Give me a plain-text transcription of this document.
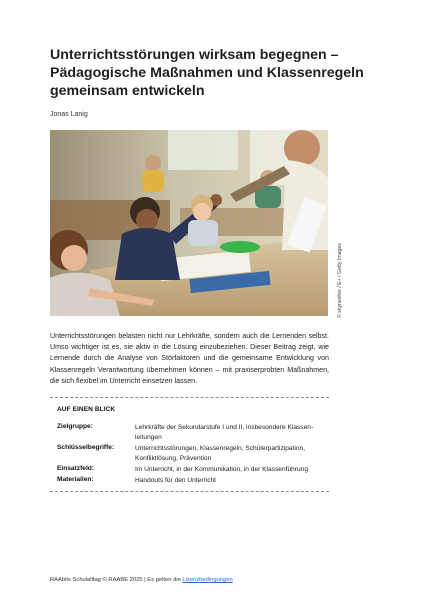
Unterrichtsstörungen wirksam begegnen – Pädagogische Maßnahmen und Klassenregeln gemeinsam entwickeln
Jonas Lanig
© skynesher / E+ / Getty Images

Unterrichtsstörungen belasten nicht nur Lehrkräfte, sondern auch die Lernenden selbst. Umso wichtiger ist es, sie aktiv in die Lösung einzubeziehen. Dieser Beitrag zeigt, wie Lernende durch die Analyse von Störfaktoren und die gemeinsame Entwicklung von Klassenregeln Verantwortung übernehmen können – mit praxiserprobten Maßnahmen, die sich flexibel im Unterricht einsetzen lassen.

AUF EINEN BLICK
Zielgruppe:	Lehrkräfte der Sekundarstufe I und II, insbesondere Klassen-leitungen
Schlüsselbegriffe:	Unterrichtsstörungen, Klassenregeln, Schülerpartizipation, Konfliktlösung, Prävention
Einsatzfeld:	Im Unterricht, in der Kommunikation, in der Klassenführung
Materialien:	Handouts für den Unterricht
RAAbits Schulalltag © RAABE 2025 | Es gelten die Lizenzbedingungen
